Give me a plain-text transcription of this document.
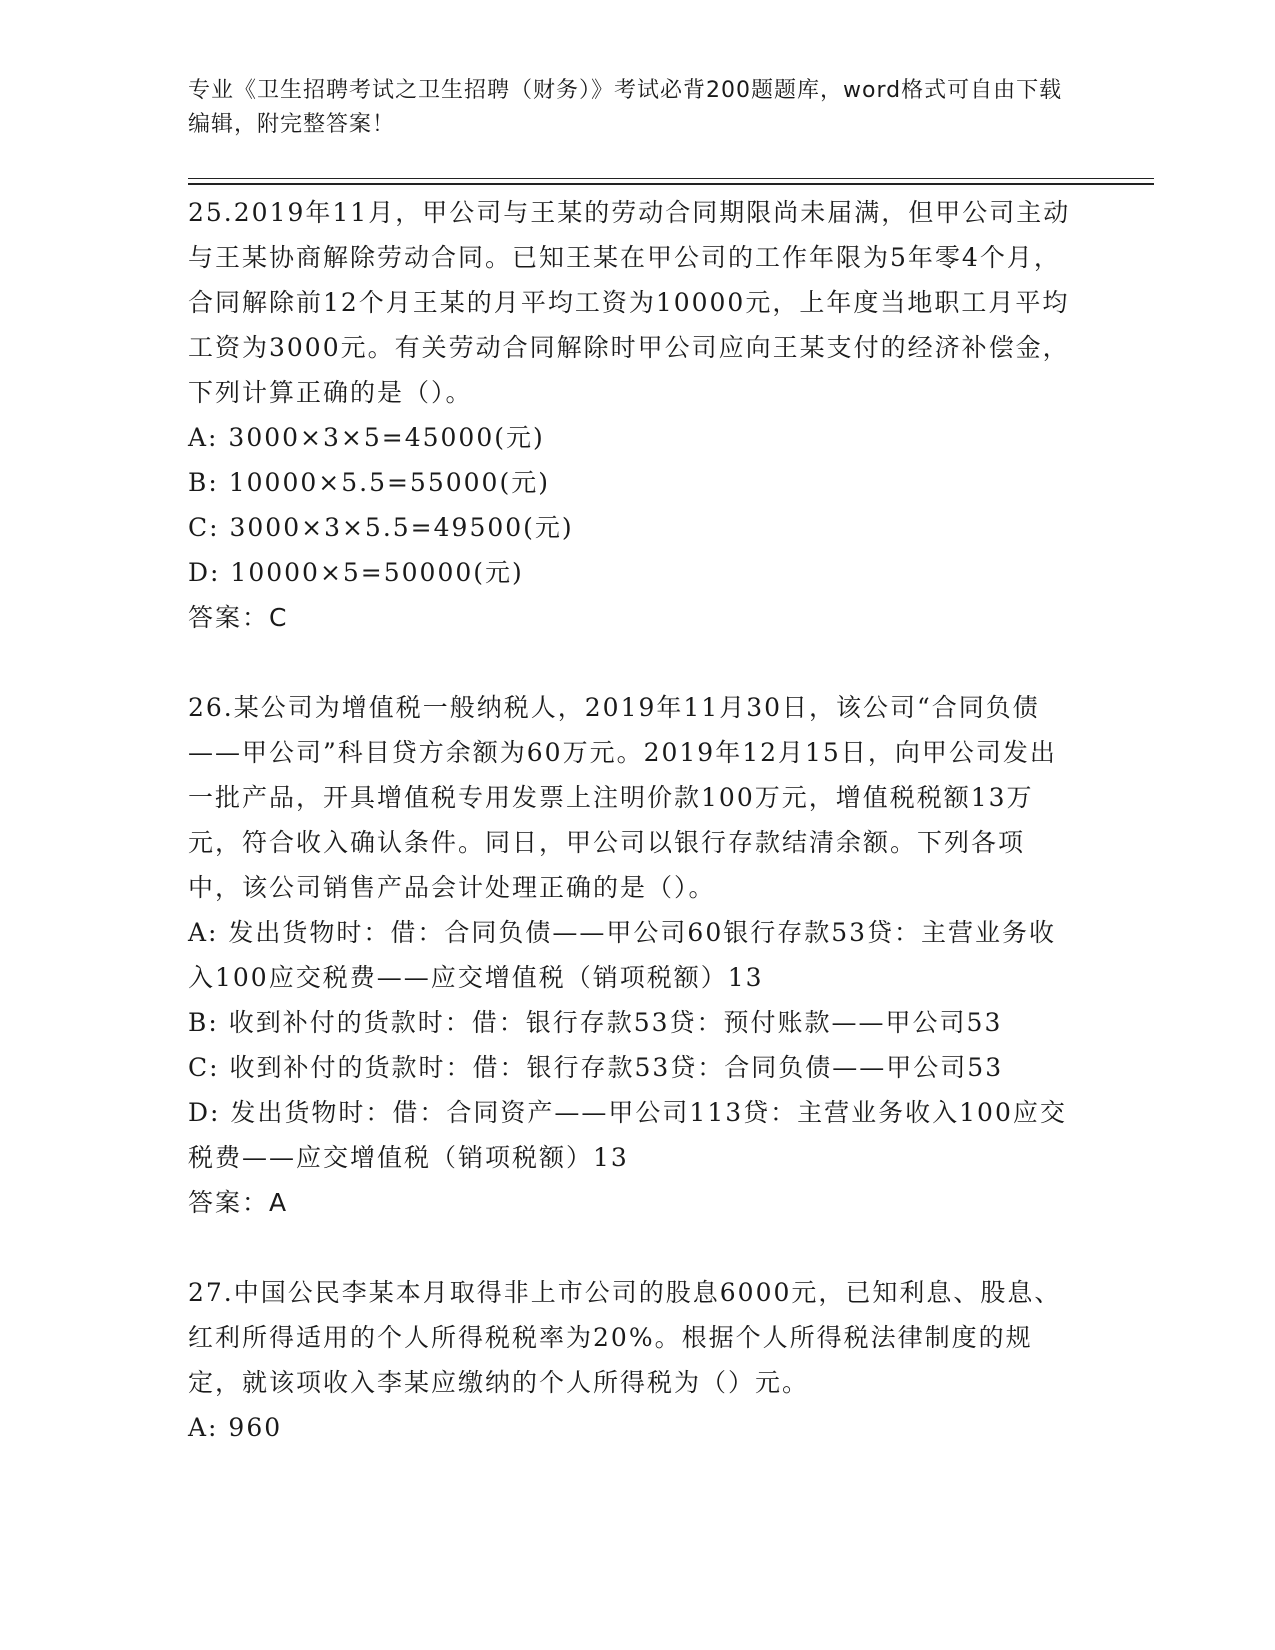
专业《卫生招聘考试之卫生招聘（财务）》考试必背200题题库，word格式可自由下载编辑，附完整答案！

25.2019年11月，甲公司与王某的劳动合同期限尚未届满，但甲公司主动与王某协商解除劳动合同。已知王某在甲公司的工作年限为5年零4个月，合同解除前12个月王某的月平均工资为10000元，上年度当地职工月平均工资为3000元。有关劳动合同解除时甲公司应向王某支付的经济补偿金，下列计算正确的是（）。

A: 3000×3×5=45000(元)

B: 10000×5.5=55000(元)

C: 3000×3×5.5=49500(元)

D: 10000×5=50000(元)

答案：C

26.某公司为增值税一般纳税人，2019年11月30日，该公司“合同负债——甲公司”科目贷方余额为60万元。2019年12月15日，向甲公司发出一批产品，开具增值税专用发票上注明价款100万元，增值税税额13万元，符合收入确认条件。同日，甲公司以银行存款结清余额。下列各项中，该公司销售产品会计处理正确的是（）。

A: 发出货物时：借：合同负债——甲公司60银行存款53贷：主营业务收入100应交税费——应交增值税（销项税额）13

B: 收到补付的货款时：借：银行存款53贷：预付账款——甲公司53

C: 收到补付的货款时：借：银行存款53贷：合同负债——甲公司53

D: 发出货物时：借：合同资产——甲公司113贷：主营业务收入100应交税费——应交增值税（销项税额）13

答案：A

27.中国公民李某本月取得非上市公司的股息6000元，已知利息、股息、红利所得适用的个人所得税税率为20%。根据个人所得税法律制度的规定，就该项收入李某应缴纳的个人所得税为（）元。

A: 960
